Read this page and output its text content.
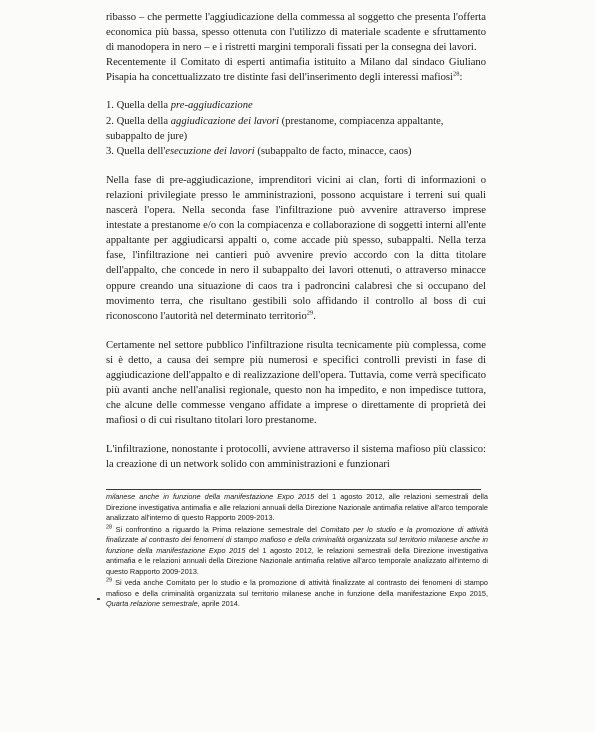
ribasso – che permette l'aggiudicazione della commessa al soggetto che presenta l'offerta economica più bassa, spesso ottenuta con l'utilizzo di materiale scadente e sfruttamento di manodopera in nero – e i ristretti margini temporali fissati per la consegna dei lavori.

Recentemente il Comitato di esperti antimafia istituito a Milano dal sindaco Giuliano Pisapia ha concettualizzato tre distinte fasi dell'inserimento degli interessi mafiosi$^{28}$:

1. Quella della pre-aggiudicazione

2. Quella della aggiudicazione dei lavori (prestanome, compiacenza appaltante, subappalto de jure)

3. Quella dell'esecuzione dei lavori (subappalto de facto, minacce, caos)

Nella fase di pre-aggiudicazione, imprenditori vicini ai clan, forti di informazioni o relazioni privilegiate presso le amministrazioni, possono acquistare i terreni sui quali nascerà l'opera. Nella seconda fase l'infiltrazione può avvenire attraverso imprese intestate a prestanome e/o con la compiacenza e collaborazione di soggetti interni all'ente appaltante per aggiudicarsi appalti o, come accade più spesso, subappalti. Nella terza fase, l'infiltrazione nei cantieri può avvenire previo accordo con la ditta titolare dell'appalto, che concede in nero il subappalto dei lavori ottenuti, o attraverso minacce oppure creando una situazione di caos tra i padroncini calabresi che si occupano del movimento terra, che risultano gestibili solo affidando il controllo al boss di cui riconoscono l'autorità nel determinato territorio$^{29}$.

Certamente nel settore pubblico l'infiltrazione risulta tecnicamente più complessa, come si è detto, a causa dei sempre più numerosi e specifici controlli previsti in fase di aggiudicazione dell'appalto e di realizzazione dell'opera. Tuttavia, come verrà specificato più avanti anche nell'analisi regionale, questo non ha impedito, e non impedisce tuttora, che alcune delle commesse vengano affidate a imprese o direttamente di proprietà dei mafiosi o di cui risultano titolari loro prestanome.

L'infiltrazione, nonostante i protocolli, avviene attraverso il sistema mafioso più classico: la creazione di un network solido con amministrazioni e funzionari

milanese anche in funzione della manifestazione Expo 2015 del 1 agosto 2012, alle relazioni semestrali della Direzione investigativa antimafia e alle relazioni annuali della Direzione Nazionale antimafia relative all'arco temporale analizzato all'interno di questo Rapporto 2009-2013.

$^{28}$ Si confrontino a riguardo la Prima relazione semestrale del Comitato per lo studio e la promozione di attività finalizzate al contrasto dei fenomeni di stampo mafioso e della criminalità organizzata sul territorio milanese anche in funzione della manifestazione Expo 2015 del 1 agosto 2012, le relazioni semestrali della Direzione investigativa antimafia e le relazioni annuali della Direzione Nazionale antimafia relative all'arco temporale analizzato all'interno di questo Rapporto 2009-2013.

$^{29}$ Si veda anche Comitato per lo studio e la promozione di attività finalizzate al contrasto dei fenomeni di stampo mafioso e della criminalità organizzata sul territorio milanese anche in funzione della manifestazione Expo 2015, Quarta relazione semestrale, aprile 2014.
